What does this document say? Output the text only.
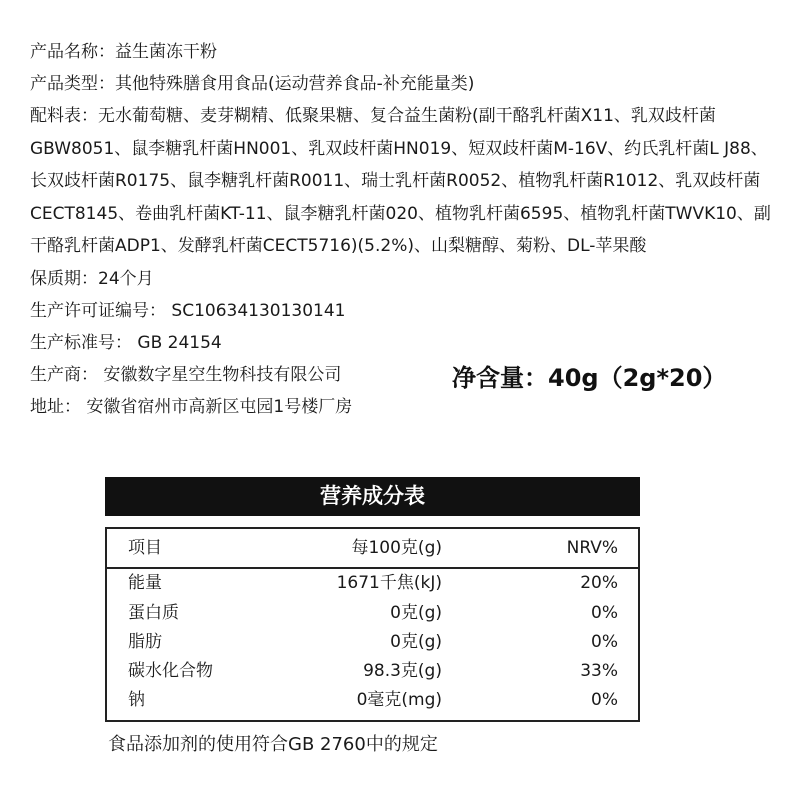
产品名称：益生菌冻干粉
产品类型：其他特殊膳食用食品(运动营养食品-补充能量类)

配料表：无水葡萄糖、麦芽糊精、低聚果糖、复合益生菌粉(副干酪乳杆菌X11、乳双歧杆菌GBW8051、鼠李糖乳杆菌HN001、乳双歧杆菌HN019、短双歧杆菌M-16V、约氏乳杆菌L J88、长双歧杆菌R0175、鼠李糖乳杆菌R0011、瑞士乳杆菌R0052、植物乳杆菌R1012、乳双歧杆菌CECT8145、卷曲乳杆菌KT-11、鼠李糖乳杆菌020、植物乳杆菌6595、植物乳杆菌TWVK10、副干酪乳杆菌ADP1、发酵乳杆菌CECT5716)(5.2%)、山梨糖醇、菊粉、DL-苹果酸

保质期：24个月
生产许可证编号： SC10634130130141
生产标准号： GB 24154
生产商： 安徽数字星空生物科技有限公司
地址： 安徽省宿州市高新区屯园1号楼厂房
净含量：40g（2g*20）
营养成分表
项目	每100克(g)	NRV%
能量	1671千焦(kJ)	20%
蛋白质	0克(g)	0%
脂肪	0克(g)	0%
碳水化合物	98.3克(g)	33%
钠	0毫克(mg)	0%
食品添加剂的使用符合GB 2760中的规定
